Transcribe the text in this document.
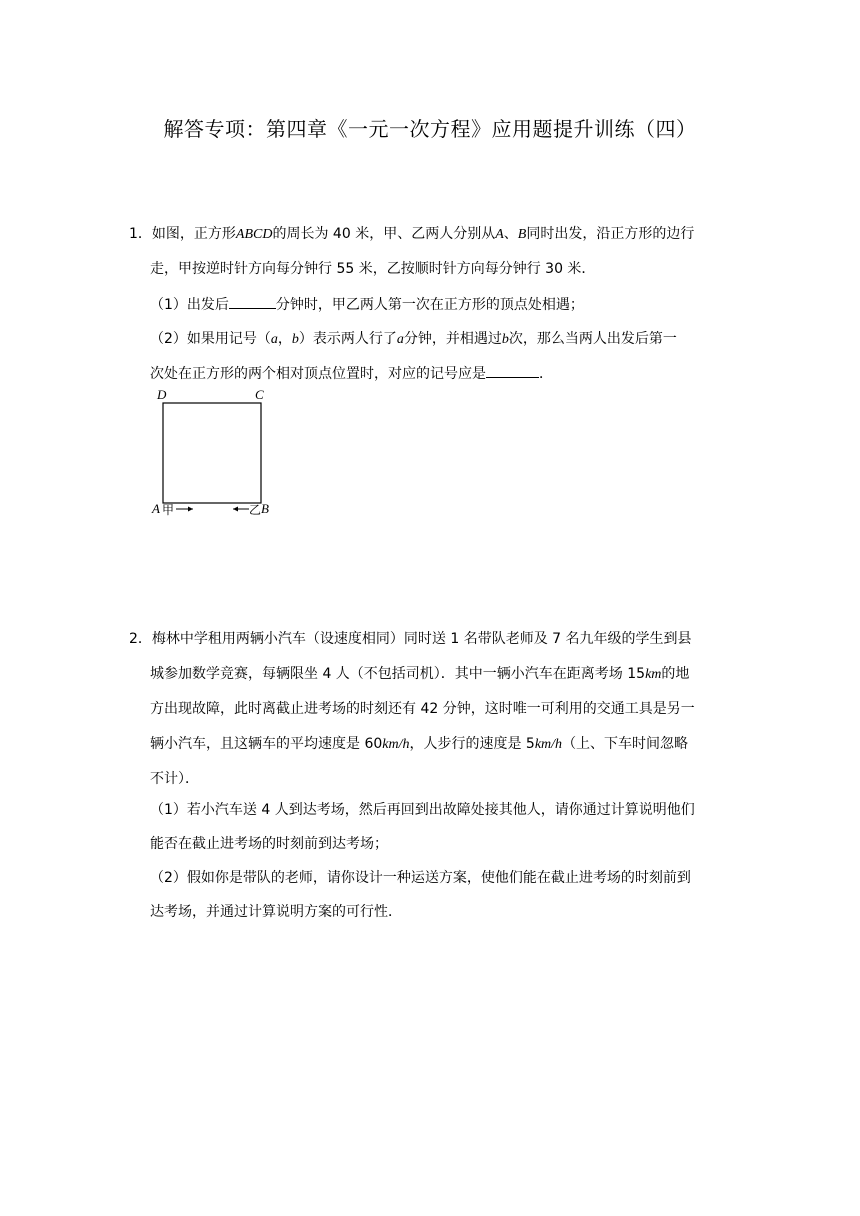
解答专项：第四章《一元一次方程》应用题提升训练（四）
1．如图，正方形ABCD的周长为 40 米，甲、乙两人分别从A、B同时出发，沿正方形的边行
走，甲按逆时针方向每分钟行 55 米，乙按顺时针方向每分钟行 30 米．
（1）出发后	分钟时，甲乙两人第一次在正方形的顶点处相遇；
（2）如果用记号（a，b）表示两人行了a分钟，并相遇过b次，那么当两人出发后第一
次处在正方形的两个相对顶点位置时，对应的记号应是	．
D	C
A 甲	乙 B
2．梅林中学租用两辆小汽车（设速度相同）同时送 1 名带队老师及 7 名九年级的学生到县
城参加数学竞赛，每辆限坐 4 人（不包括司机）．其中一辆小汽车在距离考场 15km的地
方出现故障，此时离截止进考场的时刻还有 42 分钟，这时唯一可利用的交通工具是另一
辆小汽车，且这辆车的平均速度是 60km/h，人步行的速度是 5km/h（上、下车时间忽略
不计）．
（1）若小汽车送 4 人到达考场，然后再回到出故障处接其他人，请你通过计算说明他们
能否在截止进考场的时刻前到达考场；
（2）假如你是带队的老师，请你设计一种运送方案，使他们能在截止进考场的时刻前到
达考场，并通过计算说明方案的可行性．
